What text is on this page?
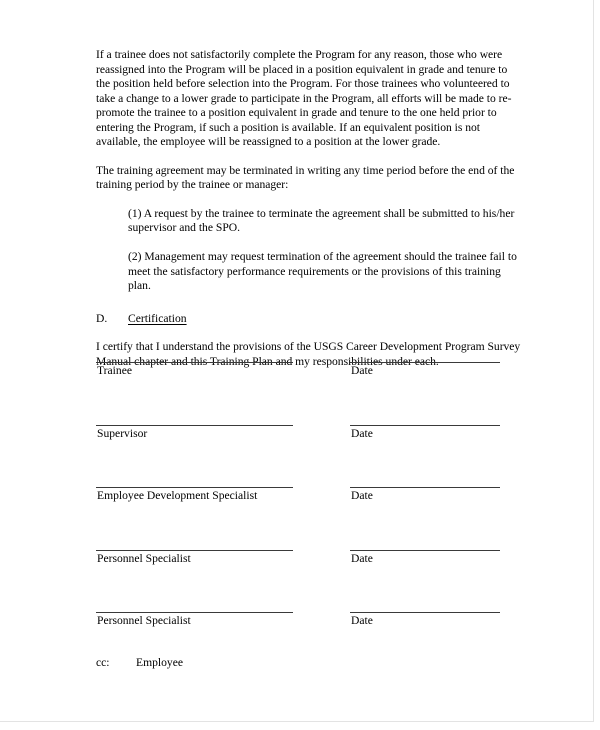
If a trainee does not satisfactorily complete the Program for any reason, those who were reassigned into the Program will be placed in a position equivalent in grade and tenure to the position held before selection into the Program. For those trainees who volunteered to take a change to a lower grade to participate in the Program, all efforts will be made to re-promote the trainee to a position equivalent in grade and tenure to the one held prior to entering the Program, if such a position is available. If an equivalent position is not available, the employee will be reassigned to a position at the lower grade.

The training agreement may be terminated in writing any time period before the end of the training period by the trainee or manager:

(1) A request by the trainee to terminate the agreement shall be submitted to his/her supervisor and the SPO.

(2) Management may request termination of the agreement should the trainee fail to meet the satisfactory performance requirements or the provisions of this training plan.

D.	Certification

I certify that I understand the provisions of the USGS Career Development Program Survey Manual chapter and this Training Plan and my responsibilities under each.

Trainee	Date
Supervisor	Date
Employee Development Specialist	Date
Personnel Specialist	Date
Personnel Specialist	Date
cc:	Employee
